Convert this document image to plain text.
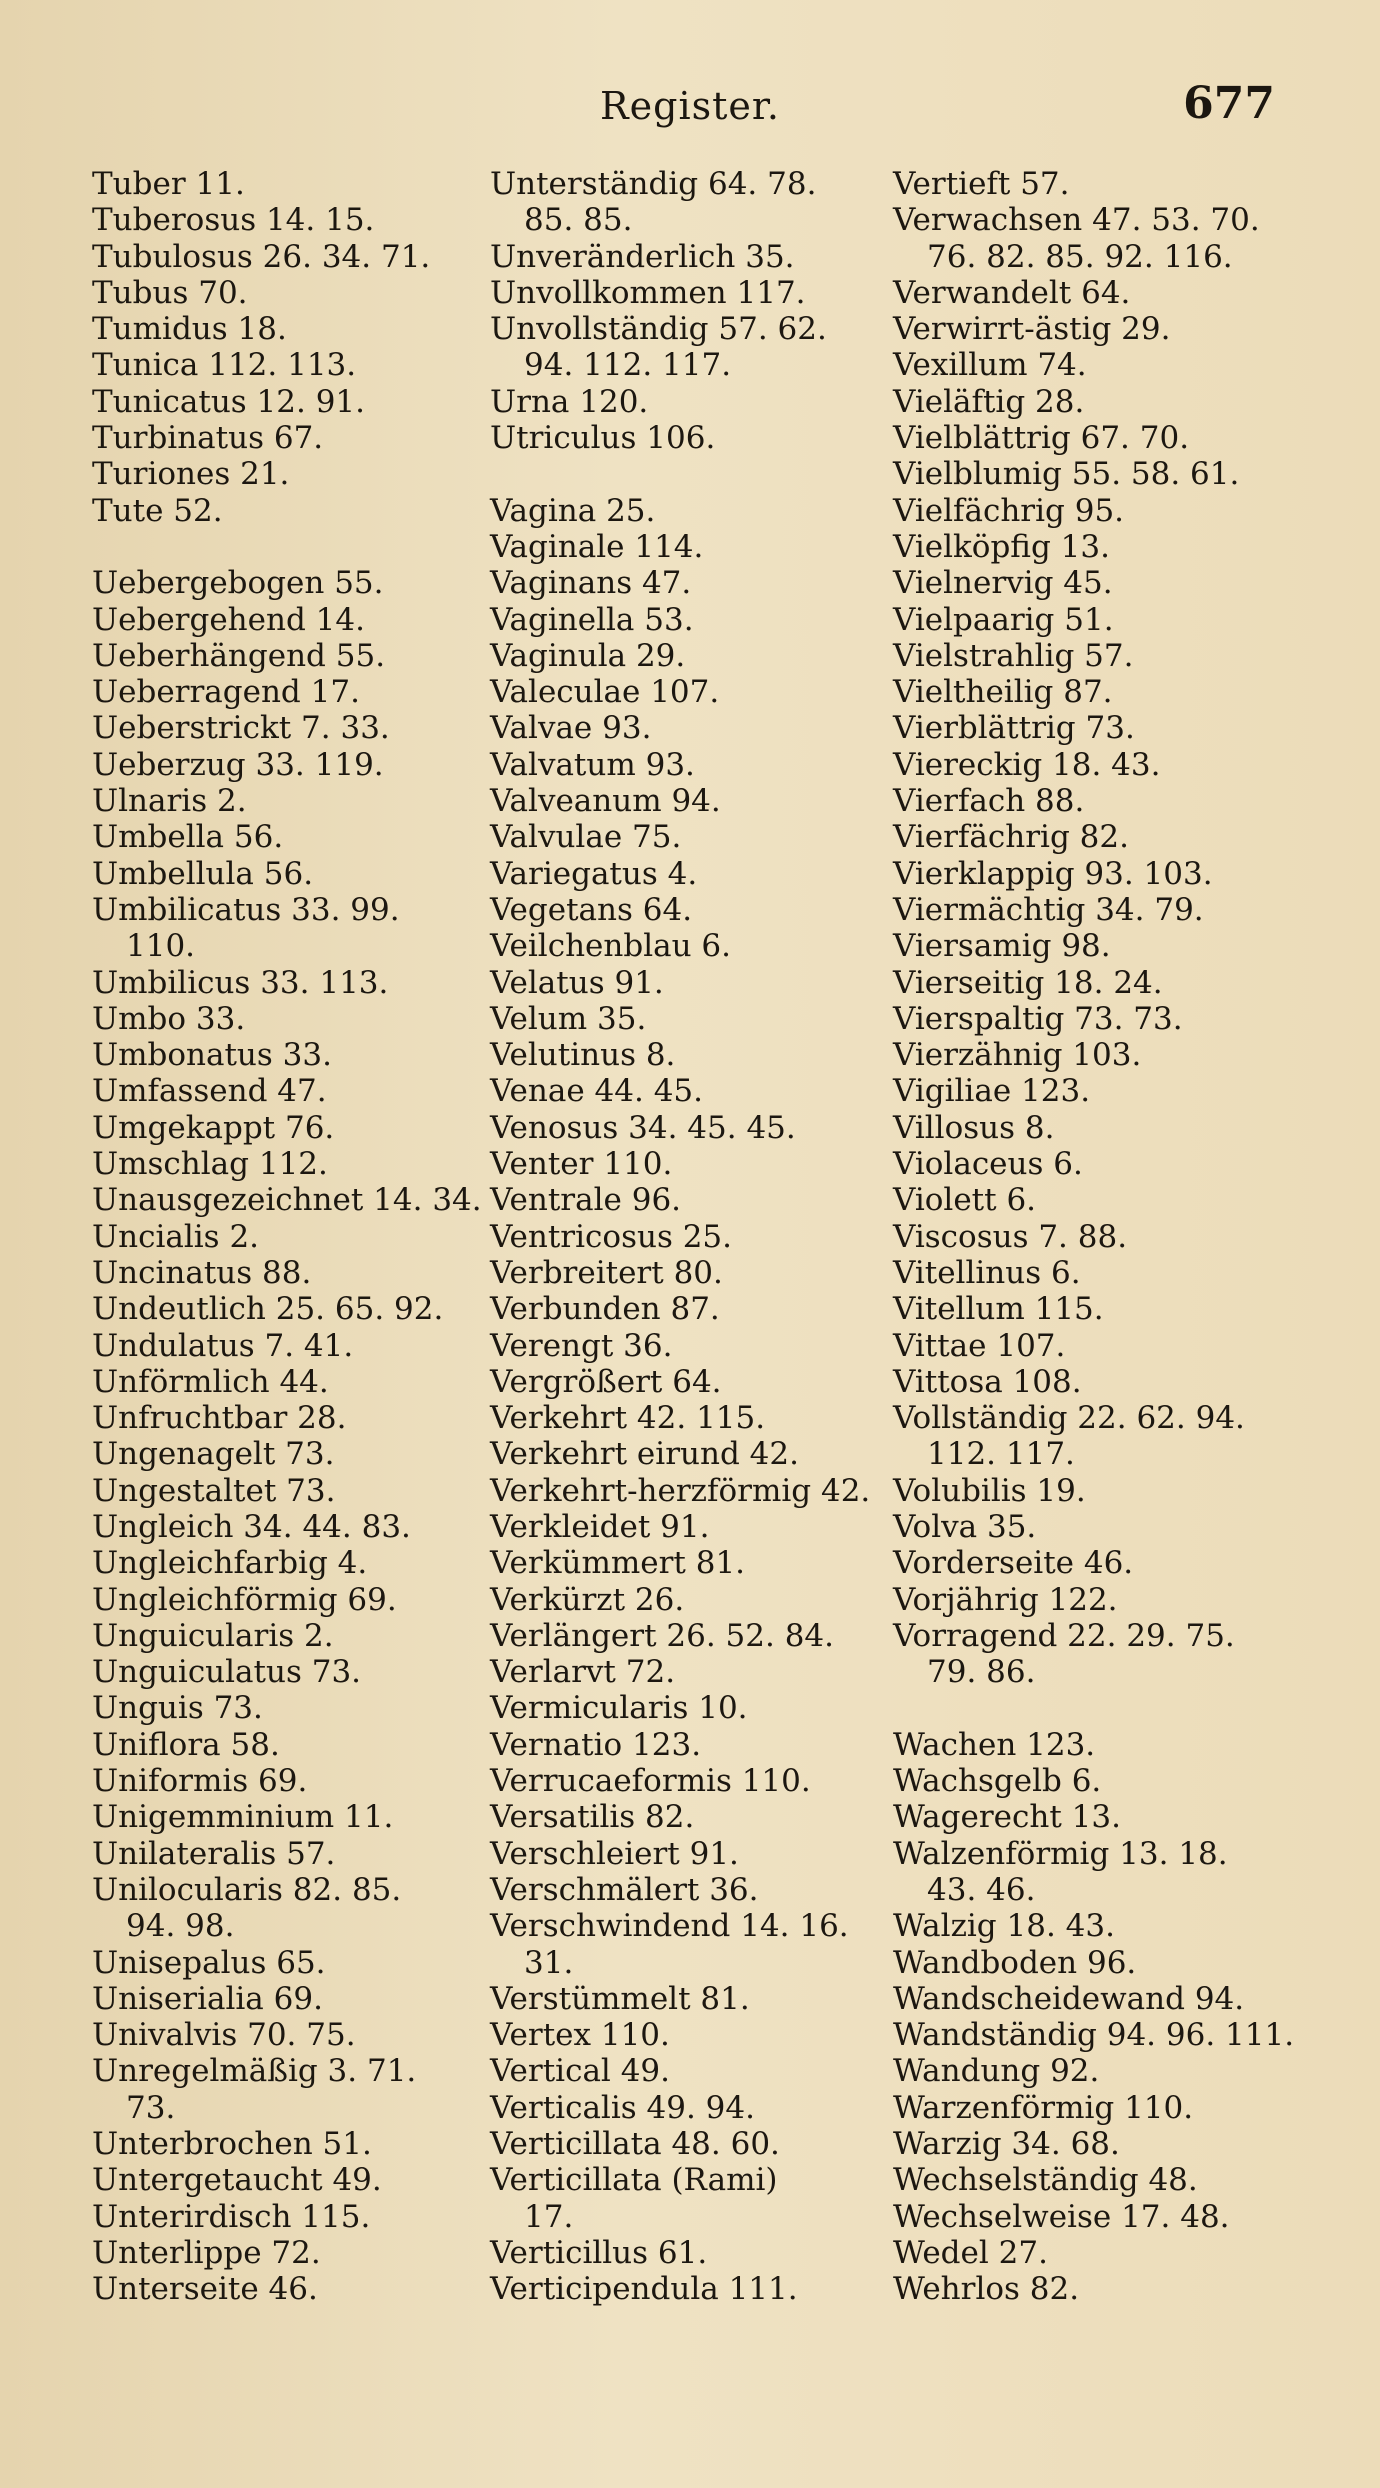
Register.	677
Tuber 11.
Tuberosus 14. 15.
Tubulosus 26. 34. 71.
Tubus 70.
Tumidus 18.
Tunica 112. 113.
Tunicatus 12. 91.
Turbinatus 67.
Turiones 21.
Tute 52.
Uebergebogen 55.
Uebergehend 14.
Ueberhängend 55.
Ueberragend 17.
Ueberstrickt 7. 33.
Ueberzug 33. 119.
Ulnaris 2.
Umbella 56.
Umbellula 56.
Umbilicatus 33. 99.
110.
Umbilicus 33. 113.
Umbo 33.
Umbonatus 33.
Umfassend 47.
Umgekappt 76.
Umschlag 112.
Unausgezeichnet 14. 34.
Uncialis 2.
Uncinatus 88.
Undeutlich 25. 65. 92.
Undulatus 7. 41.
Unförmlich 44.
Unfruchtbar 28.
Ungenagelt 73.
Ungestaltet 73.
Ungleich 34. 44. 83.
Ungleichfarbig 4.
Ungleichförmig 69.
Unguicularis 2.
Unguiculatus 73.
Unguis 73.
Uniflora 58.
Uniformis 69.
Unigemminium 11.
Unilateralis 57.
Unilocularis 82. 85.
94. 98.
Unisepalus 65.
Uniserialia 69.
Univalvis 70. 75.
Unregelmäßig 3. 71.
73.
Unterbrochen 51.
Untergetaucht 49.
Unterirdisch 115.
Unterlippe 72.
Unterseite 46.
Unterständig 64. 78.
85. 85.
Unveränderlich 35.
Unvollkommen 117.
Unvollständig 57. 62.
94. 112. 117.
Urna 120.
Utriculus 106.
Vagina 25.
Vaginale 114.
Vaginans 47.
Vaginella 53.
Vaginula 29.
Valeculae 107.
Valvae 93.
Valvatum 93.
Valveanum 94.
Valvulae 75.
Variegatus 4.
Vegetans 64.
Veilchenblau 6.
Velatus 91.
Velum 35.
Velutinus 8.
Venae 44. 45.
Venosus 34. 45. 45.
Venter 110.
Ventrale 96.
Ventricosus 25.
Verbreitert 80.
Verbunden 87.
Verengt 36.
Vergrößert 64.
Verkehrt 42. 115.
Verkehrt eirund 42.
Verkehrt-herzförmig 42.
Verkleidet 91.
Verkümmert 81.
Verkürzt 26.
Verlängert 26. 52. 84.
Verlarvt 72.
Vermicularis 10.
Vernatio 123.
Verrucaeformis 110.
Versatilis 82.
Verschleiert 91.
Verschmälert 36.
Verschwindend 14. 16.
31.
Verstümmelt 81.
Vertex 110.
Vertical 49.
Verticalis 49. 94.
Verticillata 48. 60.
Verticillata (Rami)
17.
Verticillus 61.
Verticipendula 111.
Vertieft 57.
Verwachsen 47. 53. 70.
76. 82. 85. 92. 116.
Verwandelt 64.
Verwirrt-ästig 29.
Vexillum 74.
Vieläftig 28.
Vielblättrig 67. 70.
Vielblumig 55. 58. 61.
Vielfächrig 95.
Vielköpfig 13.
Vielnervig 45.
Vielpaarig 51.
Vielstrahlig 57.
Vieltheilig 87.
Vierblättrig 73.
Viereckig 18. 43.
Vierfach 88.
Vierfächrig 82.
Vierklappig 93. 103.
Viermächtig 34. 79.
Viersamig 98.
Vierseitig 18. 24.
Vierspaltig 73. 73.
Vierzähnig 103.
Vigiliae 123.
Villosus 8.
Violaceus 6.
Violett 6.
Viscosus 7. 88.
Vitellinus 6.
Vitellum 115.
Vittae 107.
Vittosa 108.
Vollständig 22. 62. 94.
112. 117.
Volubilis 19.
Volva 35.
Vorderseite 46.
Vorjährig 122.
Vorragend 22. 29. 75.
79. 86.
Wachen 123.
Wachsgelb 6.
Wagerecht 13.
Walzenförmig 13. 18.
43. 46.
Walzig 18. 43.
Wandboden 96.
Wandscheidewand 94.
Wandständig 94. 96. 111.
Wandung 92.
Warzenförmig 110.
Warzig 34. 68.
Wechselständig 48.
Wechselweise 17. 48.
Wedel 27.
Wehrlos 82.
